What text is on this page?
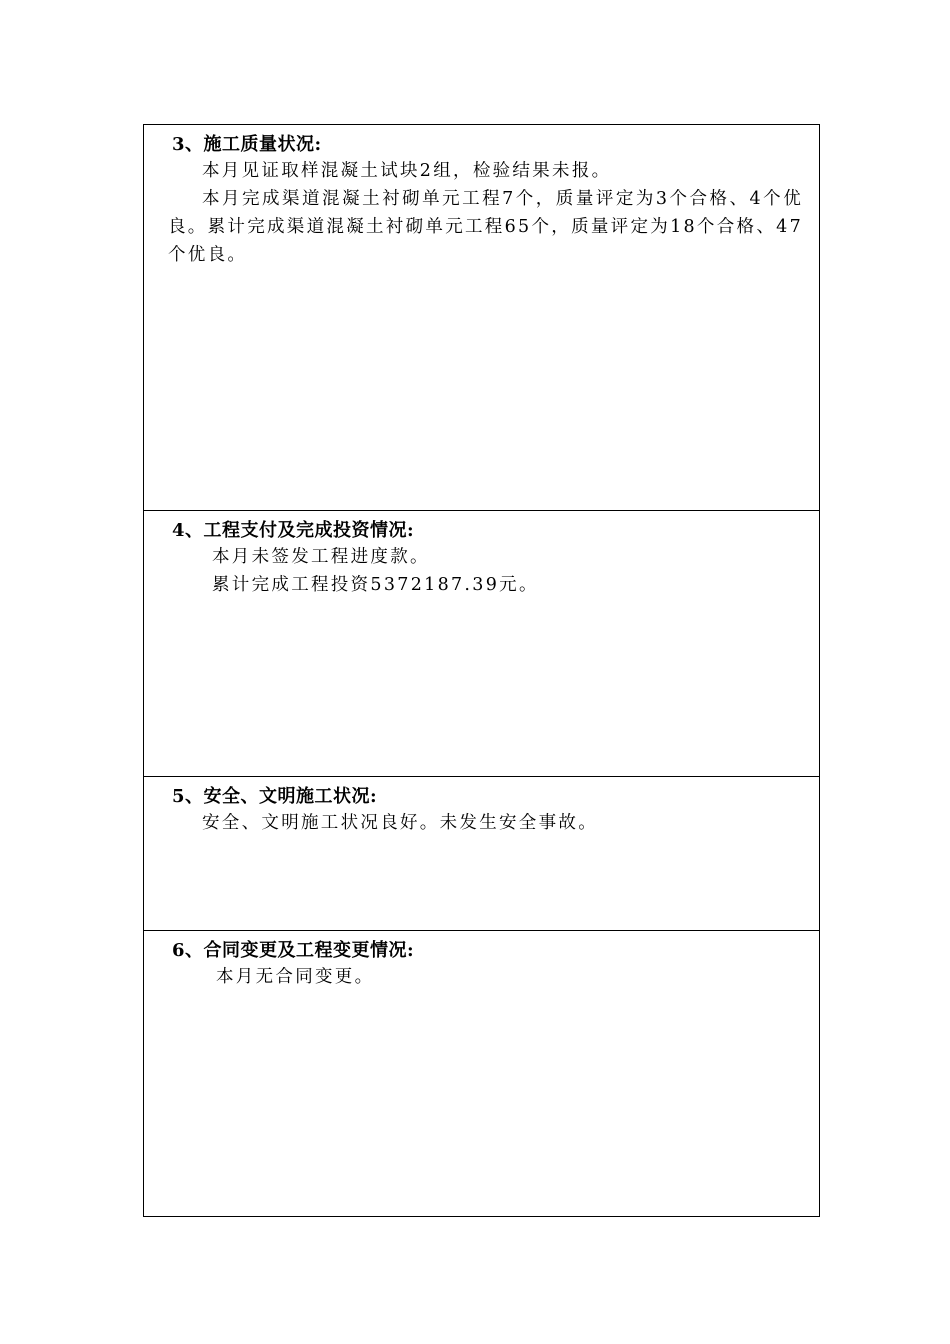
3、施工质量状况:

本月见证取样混凝土试块2组，检验结果未报。

本月完成渠道混凝土衬砌单元工程7个，质量评定为3个合格、4个优良。累计完成渠道混凝土衬砌单元工程65个，质量评定为18个合格、47个优良。

4、工程支付及完成投资情况:

本月未签发工程进度款。

累计完成工程投资5372187.39元。

5、安全、文明施工状况:

安全、文明施工状况良好。未发生安全事故。

6、合同变更及工程变更情况:

本月无合同变更。
